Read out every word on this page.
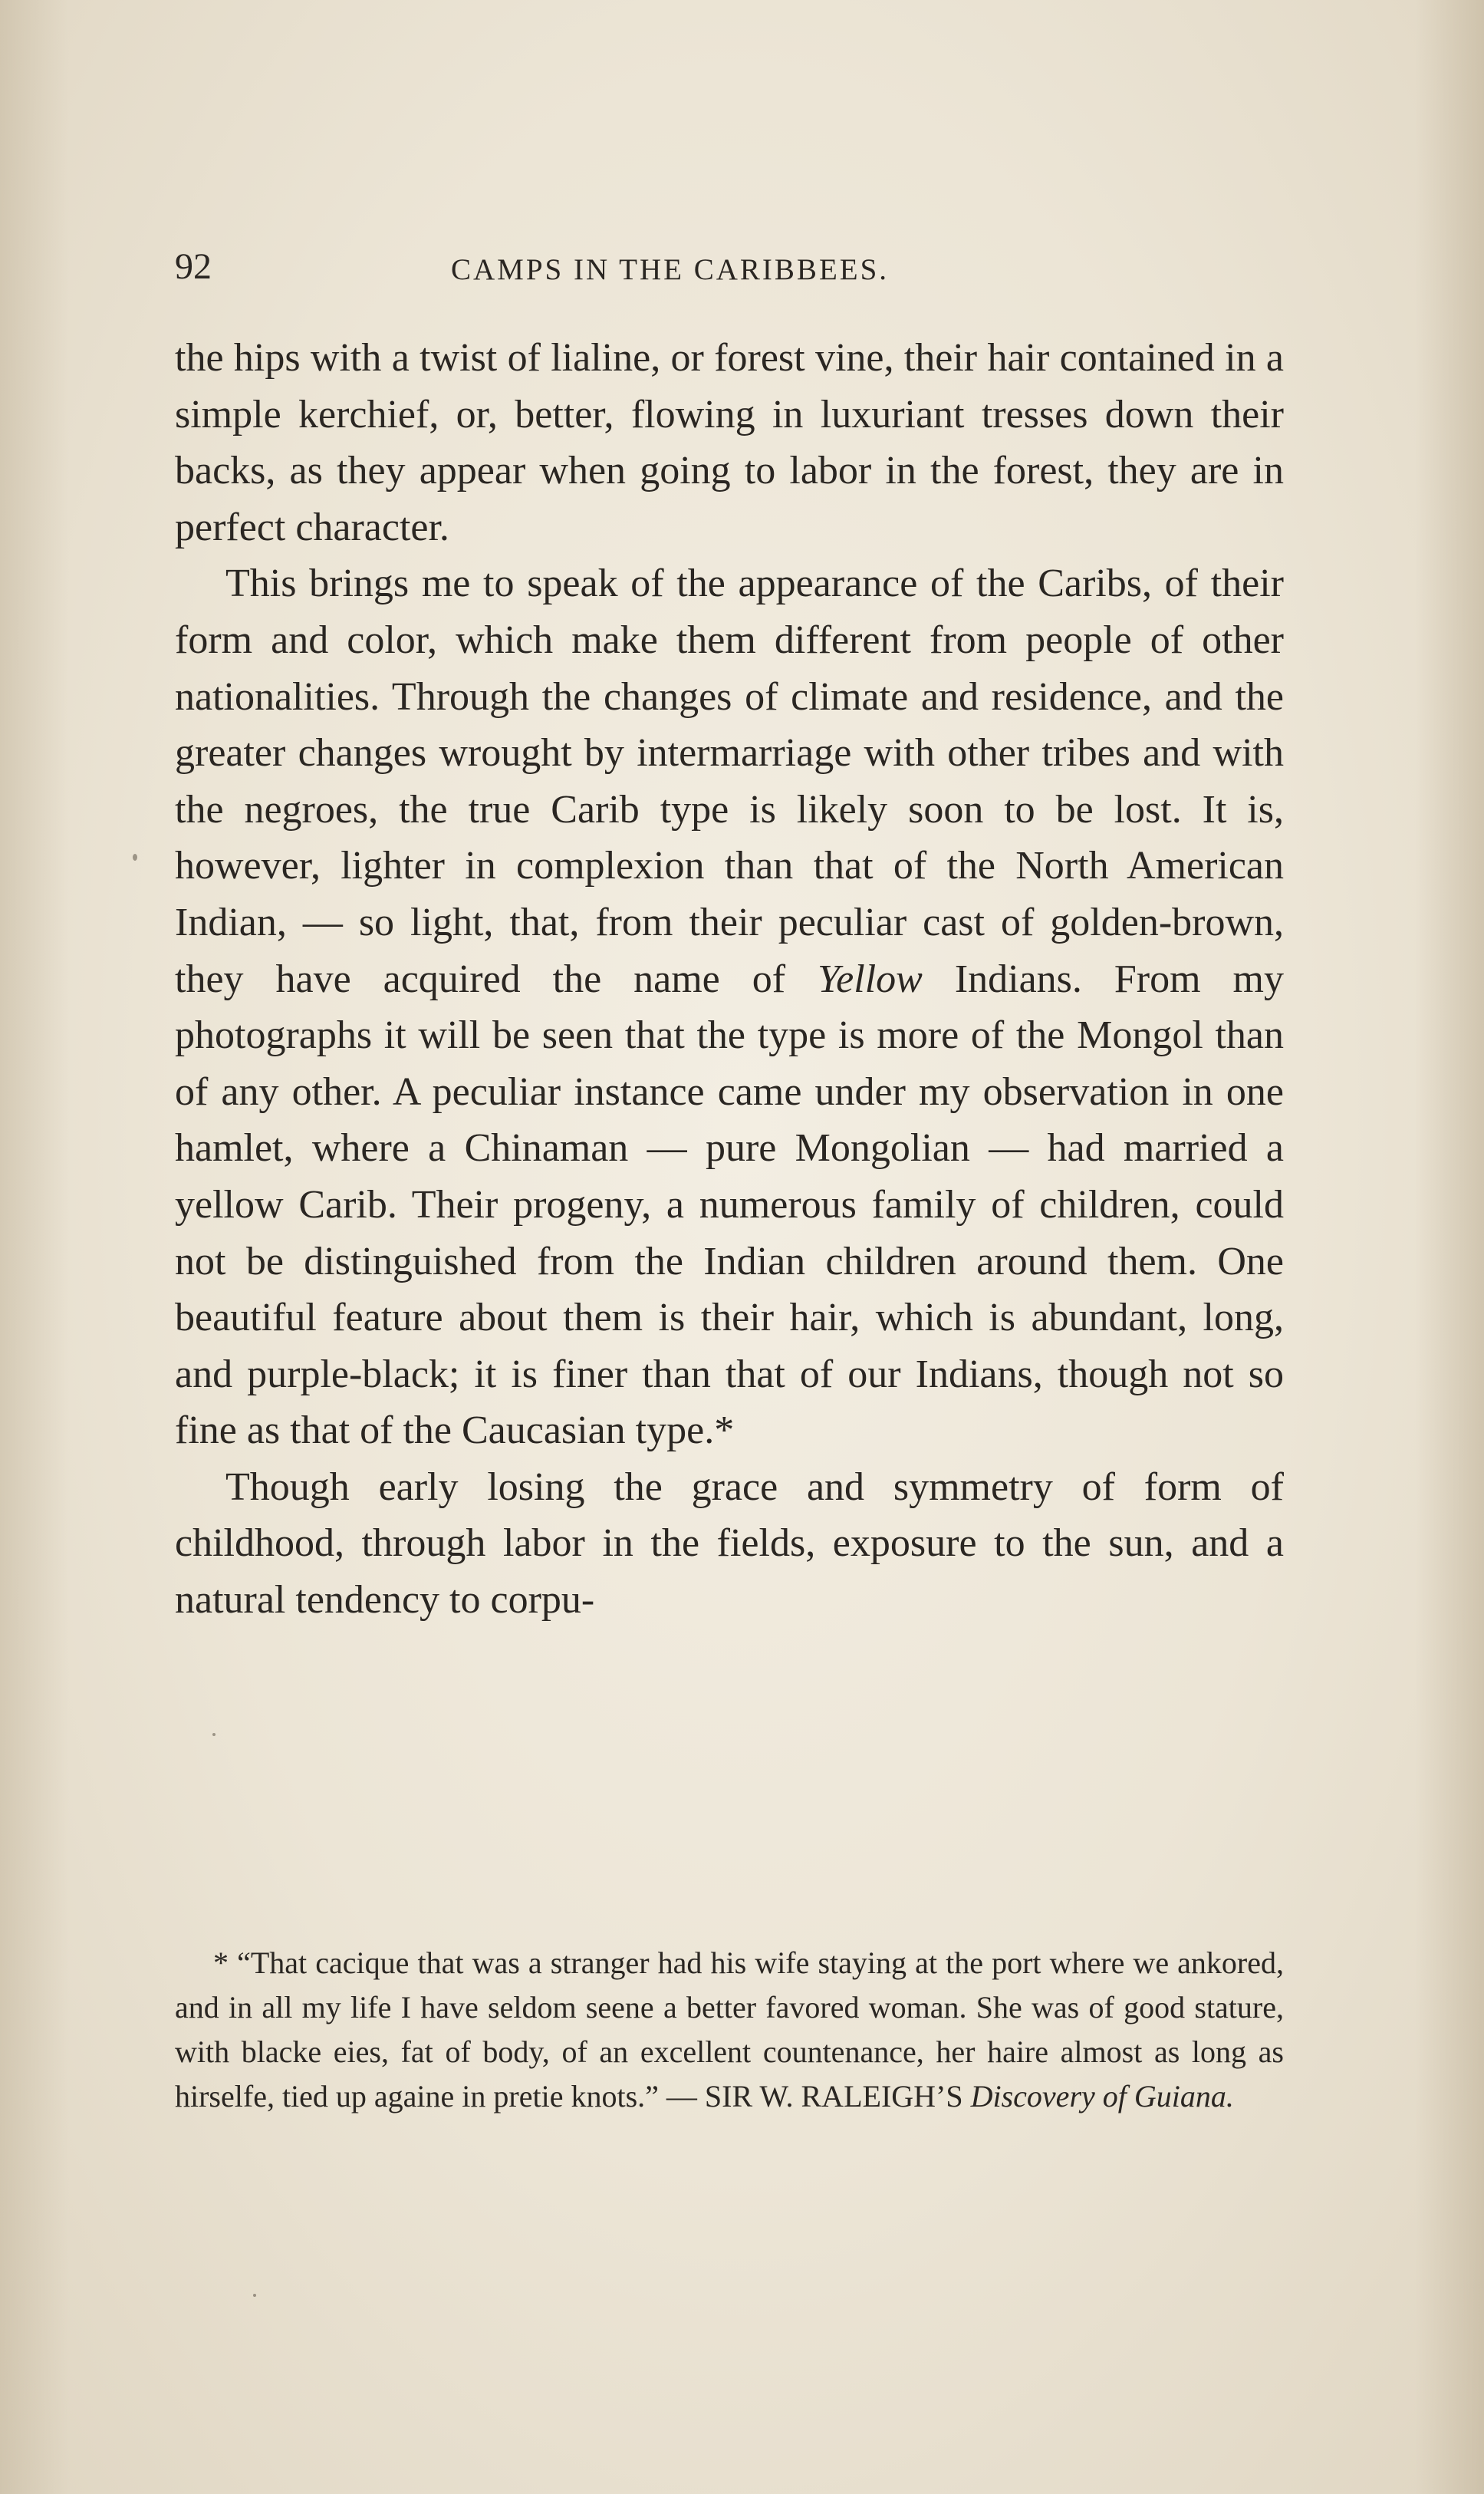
92	CAMPS IN THE CARIBBEES.

the hips with a twist of lialine, or forest vine, their hair contained in a simple kerchief, or, better, flowing in luxuriant tresses down their backs, as they appear when going to labor in the forest, they are in perfect character.

This brings me to speak of the appearance of the Caribs, of their form and color, which make them different from people of other nationalities. Through the changes of climate and residence, and the greater changes wrought by intermarriage with other tribes and with the negroes, the true Carib type is likely soon to be lost. It is, however, lighter in complexion than that of the North American Indian, — so light, that, from their peculiar cast of golden-brown, they have acquired the name of Yellow Indians. From my photographs it will be seen that the type is more of the Mongol than of any other. A peculiar instance came under my observation in one hamlet, where a Chinaman — pure Mongolian — had married a yellow Carib. Their progeny, a numerous family of children, could not be distinguished from the Indian children around them. One beautiful feature about them is their hair, which is abundant, long, and purple-black; it is finer than that of our Indians, though not so fine as that of the Caucasian type.*

Though early losing the grace and symmetry of form of childhood, through labor in the fields, exposure to the sun, and a natural tendency to corpu-

* “That cacique that was a stranger had his wife staying at the port where we ankored, and in all my life I have seldom seene a better favored woman. She was of good stature, with blacke eies, fat of body, of an excellent countenance, her haire almost as long as hirselfe, tied up againe in pretie knots.” — SIR W. RALEIGH’S Discovery of Guiana.
